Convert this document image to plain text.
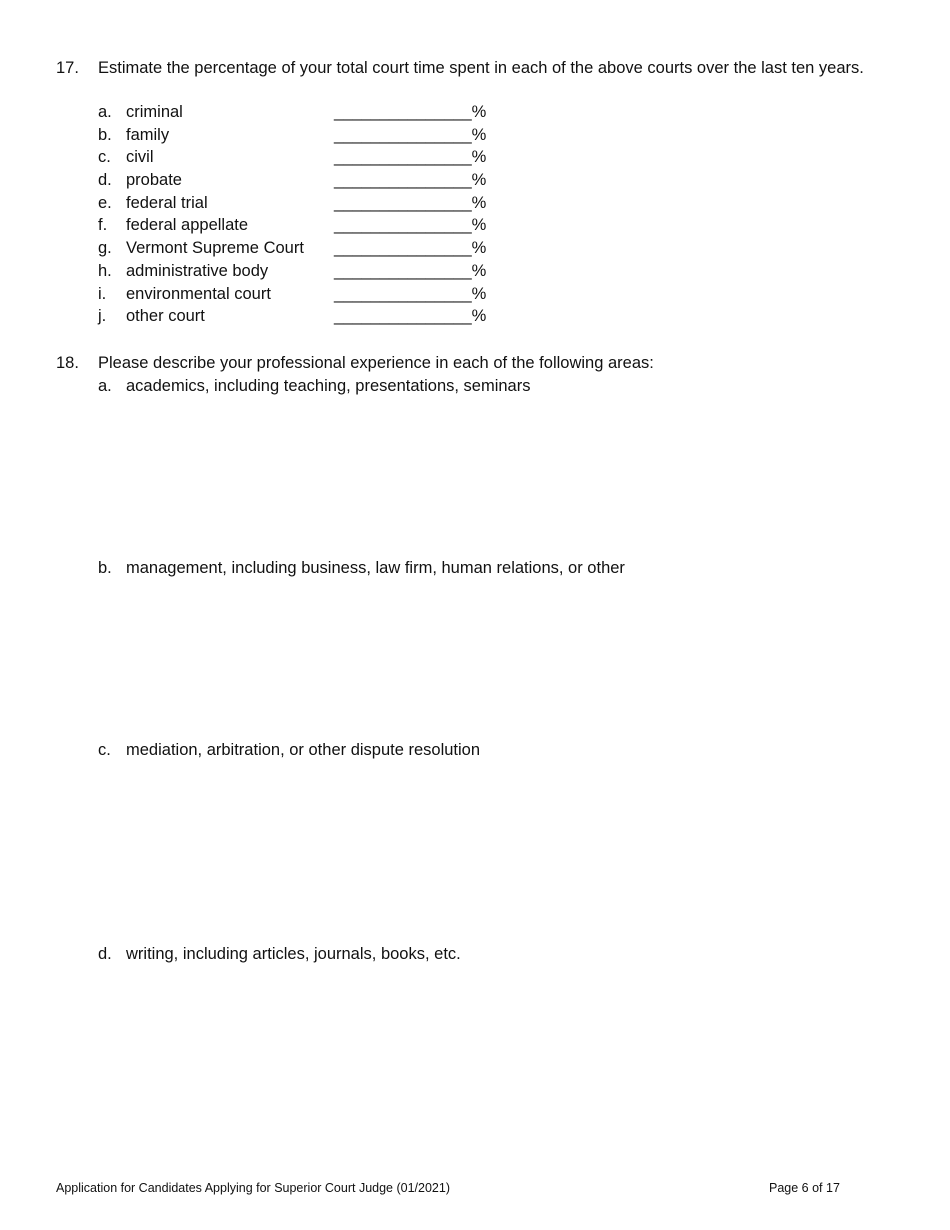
17.	Estimate the percentage of your total court time spent in each of the above courts over the last ten years.
a. criminal	_______________%
b. family	_______________%
c. civil	_______________%
d. probate	_______________%
e. federal trial	_______________%
f. federal appellate	_______________%
g. Vermont Supreme Court _______________%
h. administrative body	_______________%
i. environmental court	_______________%
j. other court	_______________%
18.	Please describe your professional experience in each of the following areas:
a. academics, including teaching, presentations, seminars
b. management, including business, law firm, human relations, or other
c. mediation, arbitration, or other dispute resolution
d. writing, including articles, journals, books, etc.
Application for Candidates Applying for Superior Court Judge (01/2021)	Page 6 of 17
